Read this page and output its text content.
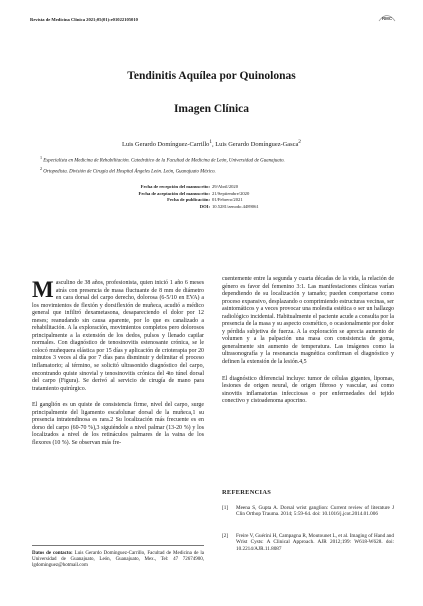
Revista de Medicina Clínica 2021;05(01):e01022105010	RMC
Tendinitis Aquílea por Quinolonas
Imagen Clínica
Luis Gerardo Domínguez-Carrillo$^1$, Luis Gerardo Domínguez-Gasca$^2$
$^1$ Especialista en Medicina de Rehabilitación. Catedrático de la Facultad de Medicina de León, Universidad de Guanajuato.
$^2$ Ortopedista. División de Cirugía del Hospital Ángeles León. León, Guanajuato México.
Fecha de recepción del manuscrito: 29/Abril/2020
Fecha de aceptación del manuscrito: 21/Septiembre/2020
Fecha de publicación: 01/Febrero/2021
DOI: 10.5281/zenodo.4489061
M asculino de 38 años, profesionista, quien inició 1 año 6 meses atrás con presencia de masa fluctuante de 8 mm de diámetro en cara dorsal del carpo derecho, dolorosa (6-5/10 en EVA) a los movimientos de flexión y dorsiflexión de muñeca, acudió a médico general que infiltró dexametasona, desapareciendo el dolor por 12 meses; reanudando sin causa aparente, por lo que es canalizado a rehabilitación. A la exploración, movimientos completos pero dolorosos principalmente a la extensión de los dedos, pulsos y llenado capilar normales. Con diagnóstico de tenosinovitis estenosante crónica, se le colocó muñequera elástica por 15 días y aplicación de crioterapia por 20 minutos 3 veces al día por 7 días para disminuir y delimitar el proceso inflamatorio; al término, se solicitó ultrasonido diagnóstico del carpo, encontrando quiste sinovial y tenosinovitis crónica del 4to túnel dorsal del carpo (Figura). Se derivó al servicio de cirugía de mano para tratamiento quirúrgico.

El ganglión es un quiste de consistencia firme, nivel del carpo, surge principalmente del ligamento escafolunar dorsal de la muñeca,1 su presencia intratendinosa es rara.2 Su localización más frecuente es en dorso del carpo (60-70 %),3 siguiéndole a nivel palmar (13-20 %) y los localizados a nivel de los retináculos palmares de la vaina de los flexores (10 %). Se observan más fre-

cuentemente entre la segunda y cuarta décadas de la vida, la relación de género es favor del femenino 3:1. Las manifestaciones clínicas varían dependiendo de su localización y tamaño; pueden comportarse como proceso expansivo, desplazando o comprimiendo estructuras vecinas, ser asintomáticos y a veces provocar una molestia estética o ser un hallazgo radiológico incidental. Habitualmente el paciente acude a consulta por la presencia de la masa y su aspecto cosmético, o ocasionalmente por dolor y pérdida subjetiva de fuerza. A la exploración se aprecia aumento de volumen y a la palpación una masa con consistencia de goma, generalmente sin aumento de temperatura. Las imágenes como la ultrasonografía y la resonancia magnética confirman el diagnóstico y definen la extensión de la lesión.4,5

El diagnóstico diferencial incluye: tumor de células gigantes, lipomas, lesiones de origen neural, de origen fibroso y vascular, así como sinovitis inflamatorias infecciosas o por enfermedades del tejido conectivo y cistoadenoma apocrino.

Datos de contacto: Luis Gerardo Domínguez-Carrillo, Facultad de Medicina de la Universidad de Guanajuato, León, Guanajuato, Mex., Tel: 47 72674900, lgdominguez@hotmail.com
REFERENCIAS
[1]	Meena S, Gupta A. Dorsal wrist ganglion: Current review of literature J Clin Orthop Trauma. 2014; 5:59-64. doi: 10.1016/j.jcot.2014.01.006
[2]	Freire V, Guérini H, Campagna R, Moutounet L, et al. Imaging of Hand and Wrist Cysts: A Clinical Approach. AJR 2012;199: W618-W628. doi: 10.2214/AJR.11.8087
